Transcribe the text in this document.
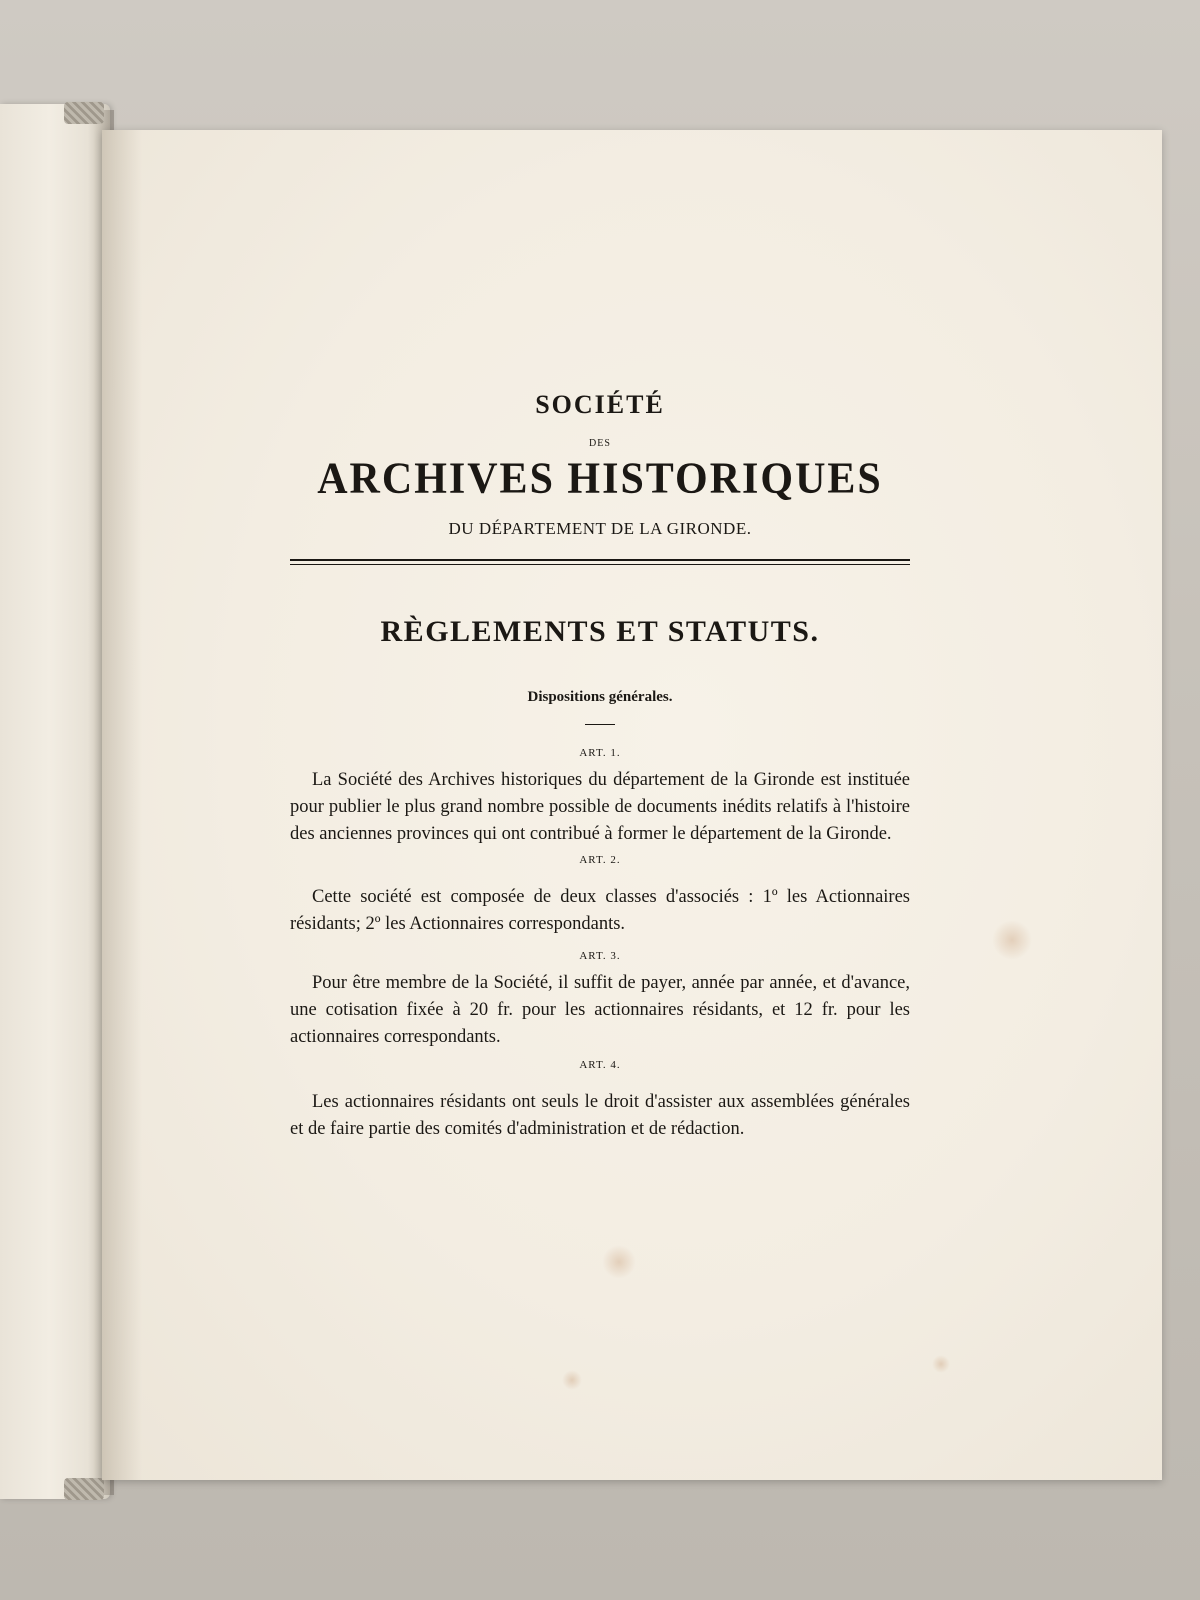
SOCIÉTÉ
DES
ARCHIVES HISTORIQUES
DU DÉPARTEMENT DE LA GIRONDE.
RÈGLEMENTS ET STATUTS.
Dispositions générales.
ART. 1.
La Société des Archives historiques du département de la Gironde est instituée pour publier le plus grand nombre possible de documents inédits relatifs à l'histoire des anciennes provinces qui ont contribué à former le département de la Gironde.
ART. 2.
Cette société est composée de deux classes d'associés : 1º les Actionnaires résidants; 2º les Actionnaires correspondants.
ART. 3.
Pour être membre de la Société, il suffit de payer, année par année, et d'avance, une cotisation fixée à 20 fr. pour les actionnaires résidants, et 12 fr. pour les actionnaires correspondants.
ART. 4.
Les actionnaires résidants ont seuls le droit d'assister aux assemblées générales et de faire partie des comités d'administration et de rédaction.
